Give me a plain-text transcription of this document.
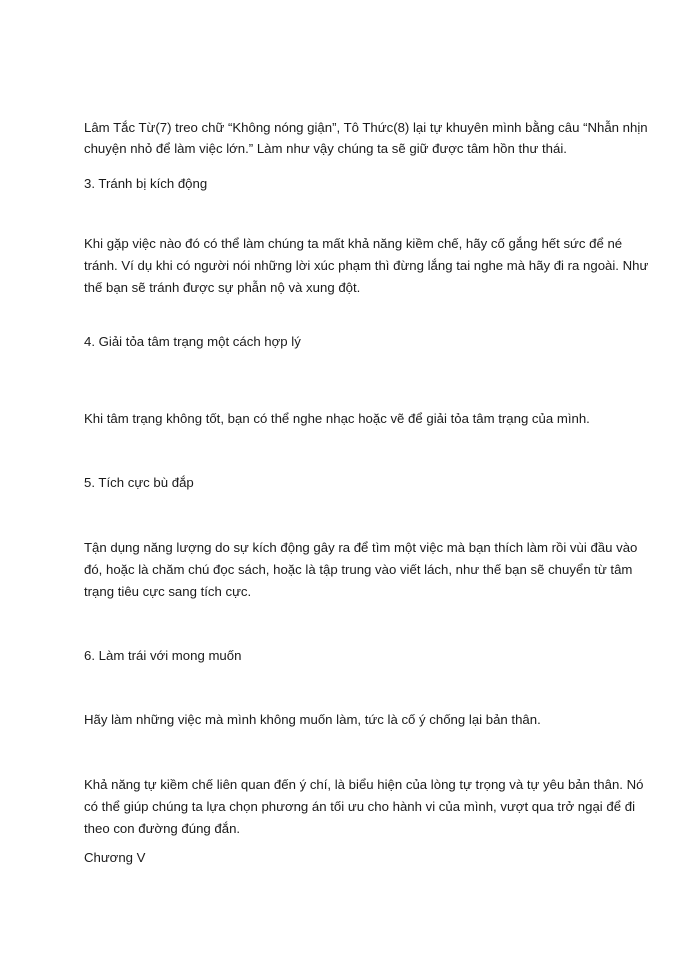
Lâm Tắc Từ(7) treo chữ “Không nóng giận”, Tô Thức(8) lại tự khuyên mình bằng câu “Nhẫn nhịn
chuyện nhỏ để làm việc lớn.” Làm như vậy chúng ta sẽ giữ được tâm hồn thư thái.
3. Tránh bị kích động
Khi gặp việc nào đó có thể làm chúng ta mất khả năng kiềm chế, hãy cố gắng hết sức để né
tránh. Ví dụ khi có người nói những lời xúc phạm thì đừng lắng tai nghe mà hãy đi ra ngoài. Như
thế bạn sẽ tránh được sự phẫn nộ và xung đột.
4. Giải tỏa tâm trạng một cách hợp lý
Khi tâm trạng không tốt, bạn có thể nghe nhạc hoặc vẽ để giải tỏa tâm trạng của mình.
5. Tích cực bù đắp
Tận dụng năng lượng do sự kích động gây ra để tìm một việc mà bạn thích làm rồi vùi đầu vào
đó, hoặc là chăm chú đọc sách, hoặc là tập trung vào viết lách, như thế bạn sẽ chuyển từ tâm
trạng tiêu cực sang tích cực.
6. Làm trái với mong muốn
Hãy làm những việc mà mình không muốn làm, tức là cố ý chống lại bản thân.
Khả năng tự kiềm chế liên quan đến ý chí, là biểu hiện của lòng tự trọng và tự yêu bản thân. Nó
có thể giúp chúng ta lựa chọn phương án tối ưu cho hành vi của mình, vượt qua trở ngại để đi
theo con đường đúng đắn.
Chương V
